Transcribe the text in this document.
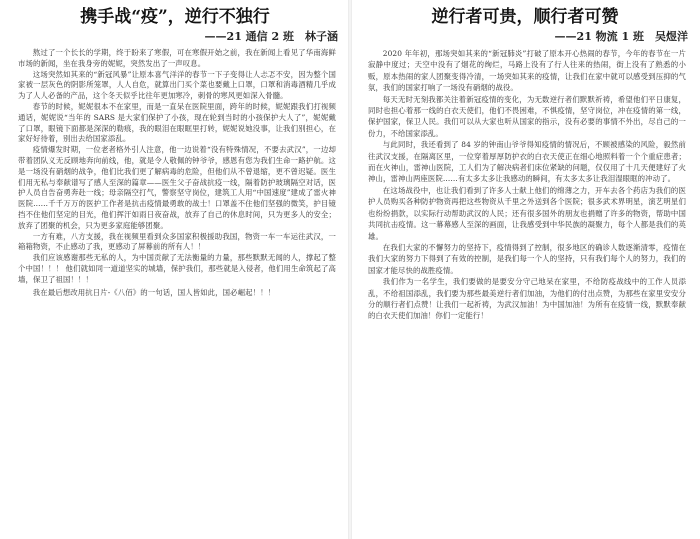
携手战“疫”，逆行不独行
——21 通信 2 班　林子涵

熬过了一个长长的学期，终于盼来了寒假，可在寒假开始之前，我在新闻上看见了华南海鲜市场的新闻，坐在我身旁的妮妮，突然发出了一声叹息。

这场突然如其来的“新冠风暴”让原本喜气洋洋的春节一下子变得让人忐忑不安，因为整个国家被一层灰色的阴影所笼罩，人人自危，就算出门买个菜也要戴上口罩，口罩和消毒酒精几乎成为了人人必备的产品，这个冬天似乎比往年更加寒冷，刺骨的寒风更如深入骨髓。

春节的时候，妮妮很本不在家里，而是一直呆在医院里面，跨年的时候，妮妮跟我们打视频通话，妮妮说“当年的 SARS 是大家们保护了小孩，现在轮到当时的小孩保护大人了”，妮妮戴了口罩，眼镜下面都是深深的勒痕，我的眼泪在眼眶里打转，妮妮说她没事，让我们别担心，在家好好待着，别出去给国家添乱。

疫情爆发时期，一位老者格外引人注意，他一边说着“没有特殊情况，不要去武汉”，一边却带着团队义无反顾地奔向前线，他，就是令人敬佩的钟爷爷，感恩有您为我们生命一路护航。这是一场没有硝烟的战争，他们比我们更了解病毒的危险，但他们从不曾退缩，更不曾迟疑。医生们用无私与奉献谱写了感人至深的篇章——医生父子奋战抗疫一线，隔着防护玻璃隔空对话，医护人员自告奋勇奔赴一线；母亲隔空打气，警察坚守岗位，建筑工人用“中国速度”建成了雷火神医院……千千万万的医护工作者是抗击疫情最勇敢的战士！口罩盖不住他们坚强的微笑，护目镜挡不住他们坚定的目光，他们挥汗如雨日夜奋战，放弃了自己的休息时间，只为更多人的安全；放弃了团聚的机会，只为更多家庭能够团聚。

一方有难，八方支援，我在视频里看到众多国家积极援助我国，物资一车一车运往武汉，一箱箱物资，不止感动了我，更感动了屏幕前的所有人！！

我们应该感谢那些无私的人，为中国贡献了无法衡量的力量，那些默默无闻的人，撑起了整个中国！！！ 他们就如同一道道坚实的城墙，保护我们，那些就是入侵者，他们用生命筑起了高墙，保卫了祖国！！！

我在最后想改用抗日片-《八佰》的一句话，国人皆如此，国必崛起！！！

逆行者可贵，顺行者可赞
——21 物流 1 班　吴煜洋

2020 年年初，那场突如其来的“新冠肺炎”打破了原本开心热闹的春节，今年的春节在一片寂静中度过；天空中没有了烟花的绚烂，马路上没有了行人往来的热闹，街上没有了熟悉的小贩，原本热闹的家人团聚变得冷清，一场突如其来的疫情，让我们在家中就可以感受到压抑的气氛，我们的国家打响了一场没有硝烟的战役。

每天无时无刻我都关注着新冠疫情的变化，为无数逆行者们默默祈祷，希望他们平日康复，同时也担心着那一线的白衣天使们，他们不畏困难，不惧疫情，坚守岗位，冲在疫情的第一线，保护国家，保卫人民。我们可以从大家也听从国家的指示，没有必要的事情不外出，尽自己的一份力，不给国家添乱。

与此同时，我还看到了 84 岁的钟南山爷爷得知疫情的情况后，不顾被感染的风险，毅然前往武汉支援，在隔离区里，一位穿着厚厚防护衣的白衣天使正在细心地照料着一个个重症患者；而在火神山，雷神山医院，工人们为了解决病者们床位紧缺的问题，仅仅用了十几天便建好了火神山，雷神山两座医院……有太多太多让我感动的瞬间，有太多太多让我泪湿眼眶的冲动了。

在这场战役中，也让我们看到了许多人士献上他们的绵薄之力，开车去各个药店为我们的医护人员购买各种防护物资再把这些物资从千里之外送到各个医院；很多武术界明星，演艺明星们也纷纷捐款，以实际行动帮助武汉的人民；还有很多国外的朋友也捐赠了许多的物资，帮助中国共同抗击疫情。这一幕幕感人至深的画面，让我感受到中华民族的凝聚力，每个人都是我们的英雄。

在我们大家的不懈努力的坚持下，疫情得到了控制，很多地区的确诊人数逐渐清零，疫情在我们大家的努力下得到了有效的控制，是我们每一个人的坚持，只有我们每个人的努力，我们的国家才能尽快的战胜疫情。

我们作为一名学生，我们要做的是要安分守己地呆在家里，不给防疫战线中的工作人员添乱，不给祖国添乱，我们要为那些最美逆行者们加油，为他们的付出点赞，为那些在家里安安分分的顺行者们点赞！让我们一起祈祷，为武汉加油！为中国加油！为所有在疫情一线，默默奉献的白衣天使们加油！你们一定能行！
